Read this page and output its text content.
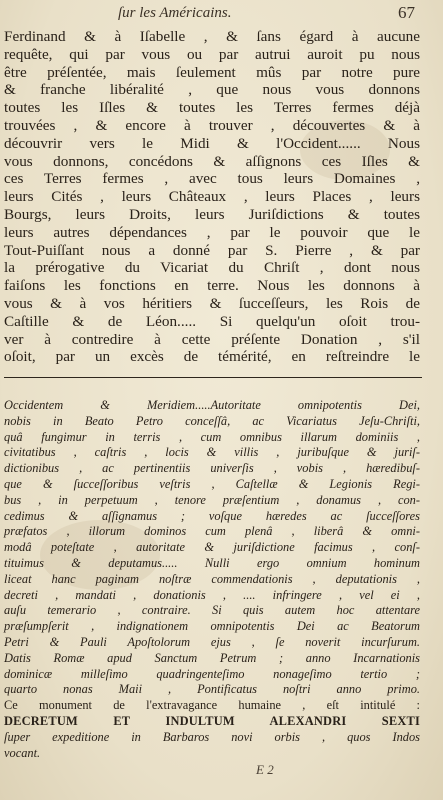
ſur les Américains.	67
Ferdinand & à Iſabelle , & ſans égard à aucune
requête, qui par vous ou par autrui auroit pu nous
être préſentée, mais ſeulement mûs par notre pure
& franche libéralité , que nous vous donnons
toutes les Iſles & toutes les Terres fermes déjà
trouvées , & encore à trouver , découvertes & à
découvrir vers le Midi & l'Occident...... Nous
vous donnons, concédons & aſſignons ces Iſles &
ces Terres fermes , avec tous leurs Domaines ,
leurs Cités , leurs Châteaux , leurs Places , leurs
Bourgs, leurs Droits, leurs Juriſdictions & toutes
leurs autres dépendances , par le pouvoir que le
Tout-Puiſſant nous a donné par S. Pierre , & par
la prérogative du Vicariat du Chriſt , dont nous
faiſons les fonctions en terre. Nous les donnons à
vous & à vos héritiers & ſucceſſeurs, les Rois de
Caſtille & de Léon..... Si quelqu'un oſoit trou-
ver à contredire à cette préſente Donation , s'il
oſoit, par un excès de témérité, en reſtreindre le
Occidentem & Meridiem.....Autoritate omnipotentis Dei,
nobis in Beato Petro conceſſâ, ac Vicariatus Jeſu-Chriſti,
quâ fungimur in terris , cum omnibus illarum dominiis ,
civitatibus , caſtris , locis & villis , juribuſque & juriſ-
dictionibus , ac pertinentiis univerſis , vobis , hæredibuſ-
que & ſucceſſoribus veſtris , Caſtellæ & Legionis Regi-
bus , in perpetuum , tenore præſentium , donamus , con-
cedimus & aſſignamus ; voſque hæredes ac ſucceſſores
præfatos , illorum dominos cum plenâ , liberâ & omni-
modâ poteſtate , autoritate & juriſdictione facimus , conſ-
tituimus & deputamus..... Nulli ergo omnium hominum
liceat hanc paginam noſtræ commendationis , deputationis ,
decreti , mandati , donationis , .... infringere , vel ei ,
auſu temerario , contraire. Si quis autem hoc attentare
præſumpſerit , indignationem omnipotentis Dei ac Beatorum
Petri & Pauli Apoſtolorum ejus , ſe noverit incurſurum.
Datis Romæ apud Sanctum Petrum ; anno Incarnationis
dominicæ milleſimo quadringenteſimo nonageſimo tertio ;
quarto nonas Maii , Pontificatus noſtri anno primo.
Ce monument de l'extravagance humaine , eſt intitulé :
DECRETUM ET INDULTUM ALEXANDRI SEXTI
ſuper expeditione in Barbaros novi orbis , quos Indos
vocant.
E 2
